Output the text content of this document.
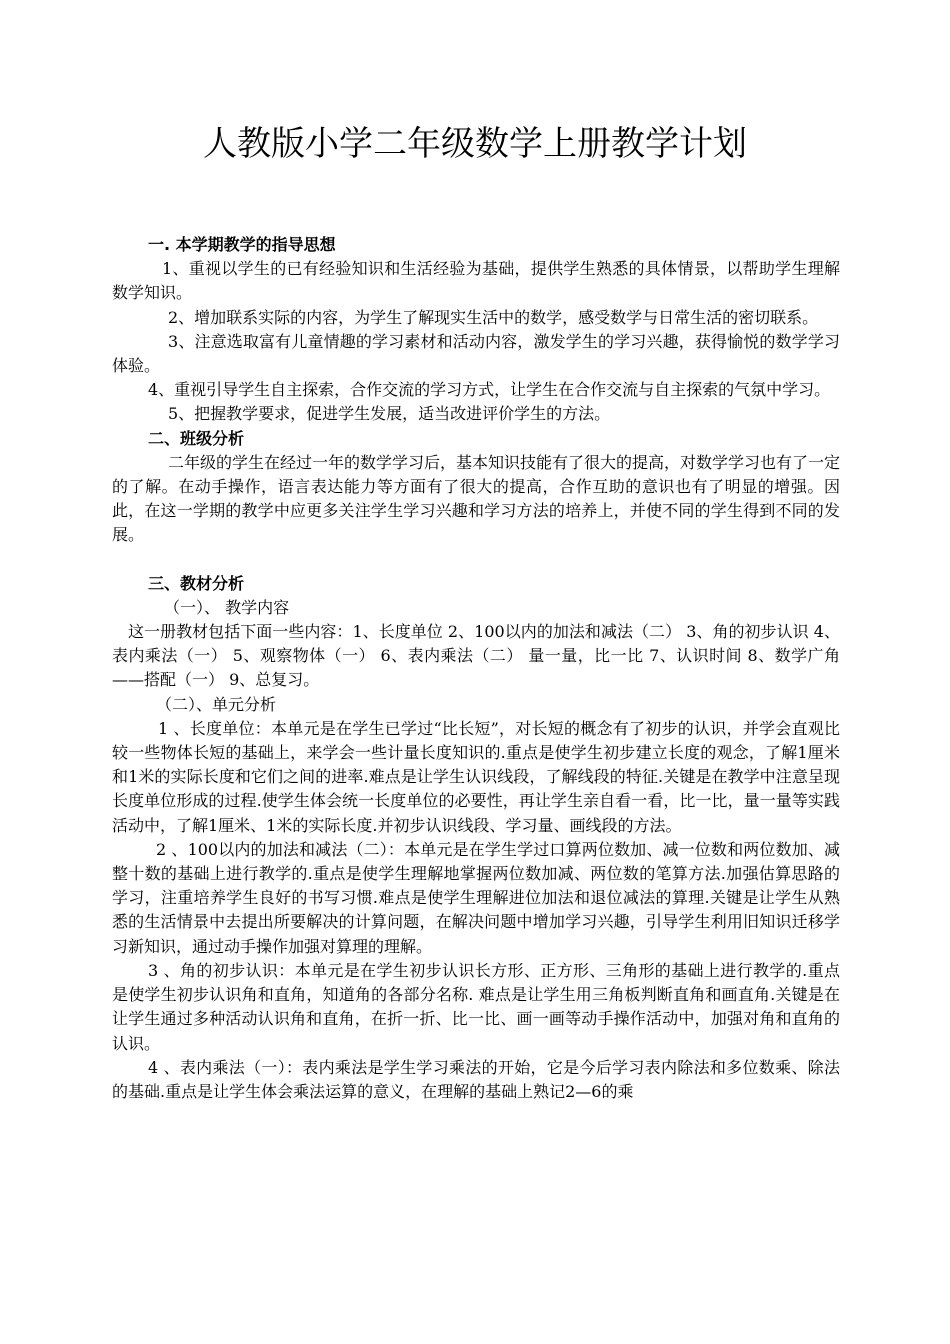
人教版小学二年级数学上册教学计划

一. 本学期教学的指导思想

1、重视以学生的已有经验知识和生活经验为基础，提供学生熟悉的具体情景，以帮助学生理解数学知识。

2、增加联系实际的内容，为学生了解现实生活中的数学，感受数学与日常生活的密切联系。

3、注意选取富有儿童情趣的学习素材和活动内容，激发学生的学习兴趣，获得愉悦的数学学习体验。

4、重视引导学生自主探索，合作交流的学习方式，让学生在合作交流与自主探索的气氛中学习。

5、把握教学要求，促进学生发展，适当改进评价学生的方法。

二、班级分析

二年级的学生在经过一年的数学学习后，基本知识技能有了很大的提高，对数学学习也有了一定的了解。在动手操作，语言表达能力等方面有了很大的提高，合作互助的意识也有了明显的增强。因此，在这一学期的教学中应更多关注学生学习兴趣和学习方法的培养上，并使不同的学生得到不同的发展。

三、教材分析

（一）、 教学内容

这一册教材包括下面一些内容：1、长度单位 2、100以内的加法和减法（二） 3、角的初步认识 4、表内乘法（一） 5、观察物体（一） 6、表内乘法（二） 量一量，比一比 7、认识时间 8、数学广角——搭配（一） 9、总复习。

（二）、单元分析

1 、长度单位：本单元是在学生已学过“比长短”，对长短的概念有了初步的认识，并学会直观比较一些物体长短的基础上，来学会一些计量长度知识的.重点是使学生初步建立长度的观念，了解1厘米和1米的实际长度和它们之间的进率.难点是让学生认识线段，了解线段的特征.关键是在教学中注意呈现长度单位形成的过程.使学生体会统一长度单位的必要性，再让学生亲自看一看，比一比，量一量等实践活动中，了解1厘米、1米的实际长度.并初步认识线段、学习量、画线段的方法。

2 、100以内的加法和减法（二）：本单元是在学生学过口算两位数加、减一位数和两位数加、减整十数的基础上进行教学的.重点是使学生理解地掌握两位数加减、两位数的笔算方法.加强估算思路的学习，注重培养学生良好的书写习惯.难点是使学生理解进位加法和退位减法的算理.关键是让学生从熟悉的生活情景中去提出所要解决的计算问题，在解决问题中增加学习兴趣，引导学生利用旧知识迁移学习新知识，通过动手操作加强对算理的理解。

3 、角的初步认识：本单元是在学生初步认识长方形、正方形、三角形的基础上进行教学的.重点是使学生初步认识角和直角，知道角的各部分名称. 难点是让学生用三角板判断直角和画直角.关键是在让学生通过多种活动认识角和直角，在折一折、比一比、画一画等动手操作活动中，加强对角和直角的认识。

4 、表内乘法（一）：表内乘法是学生学习乘法的开始，它是今后学习表内除法和多位数乘、除法的基础.重点是让学生体会乘法运算的意义，在理解的基础上熟记2—6的乘
